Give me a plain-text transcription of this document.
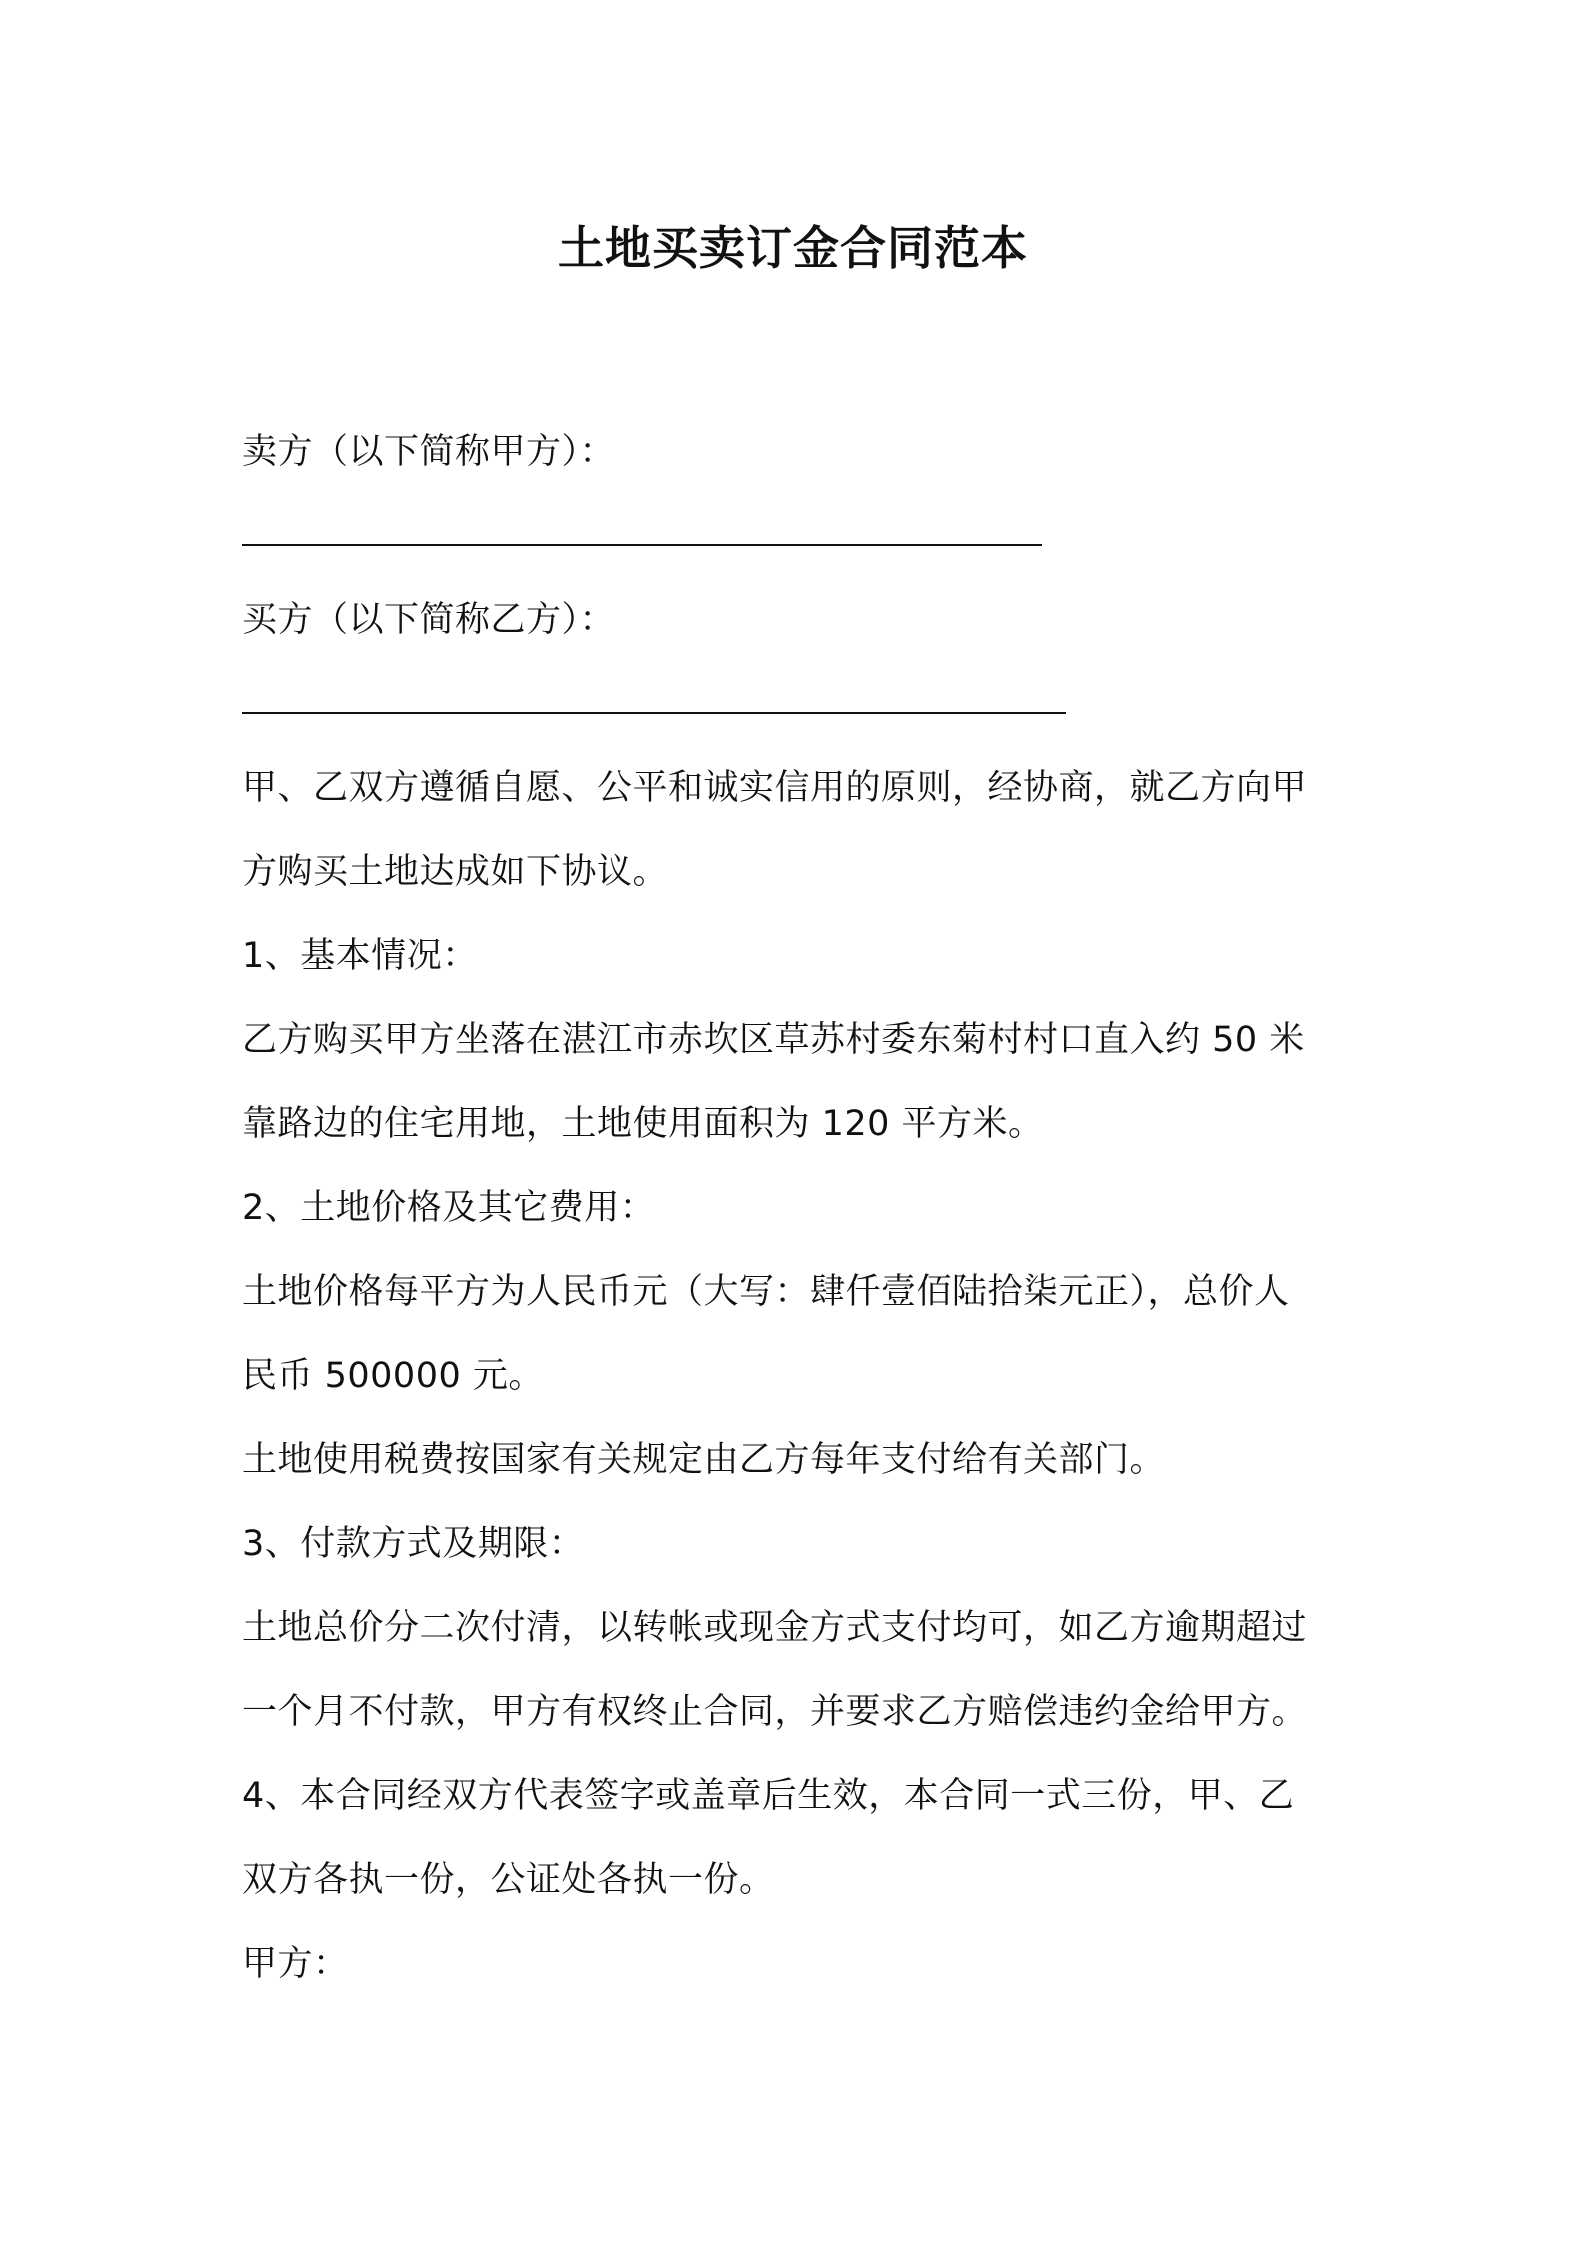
土地买卖订金合同范本
卖方（以下简称甲方）：
买方（以下简称乙方）：
甲、乙双方遵循自愿、公平和诚实信用的原则，经协商，就乙方向甲
方购买土地达成如下协议。
1、基本情况：
乙方购买甲方坐落在湛江市赤坎区草苏村委东菊村村口直入约 50 米
靠路边的住宅用地，土地使用面积为 120 平方米。
2、土地价格及其它费用：
土地价格每平方为人民币元（大写：肆仟壹佰陆拾柒元正），总价人
民币 500000 元。
土地使用税费按国家有关规定由乙方每年支付给有关部门。
3、付款方式及期限：
土地总价分二次付清，以转帐或现金方式支付均可，如乙方逾期超过
一个月不付款，甲方有权终止合同，并要求乙方赔偿违约金给甲方。
4、本合同经双方代表签字或盖章后生效，本合同一式三份，甲、乙
双方各执一份，公证处各执一份。
甲方：
